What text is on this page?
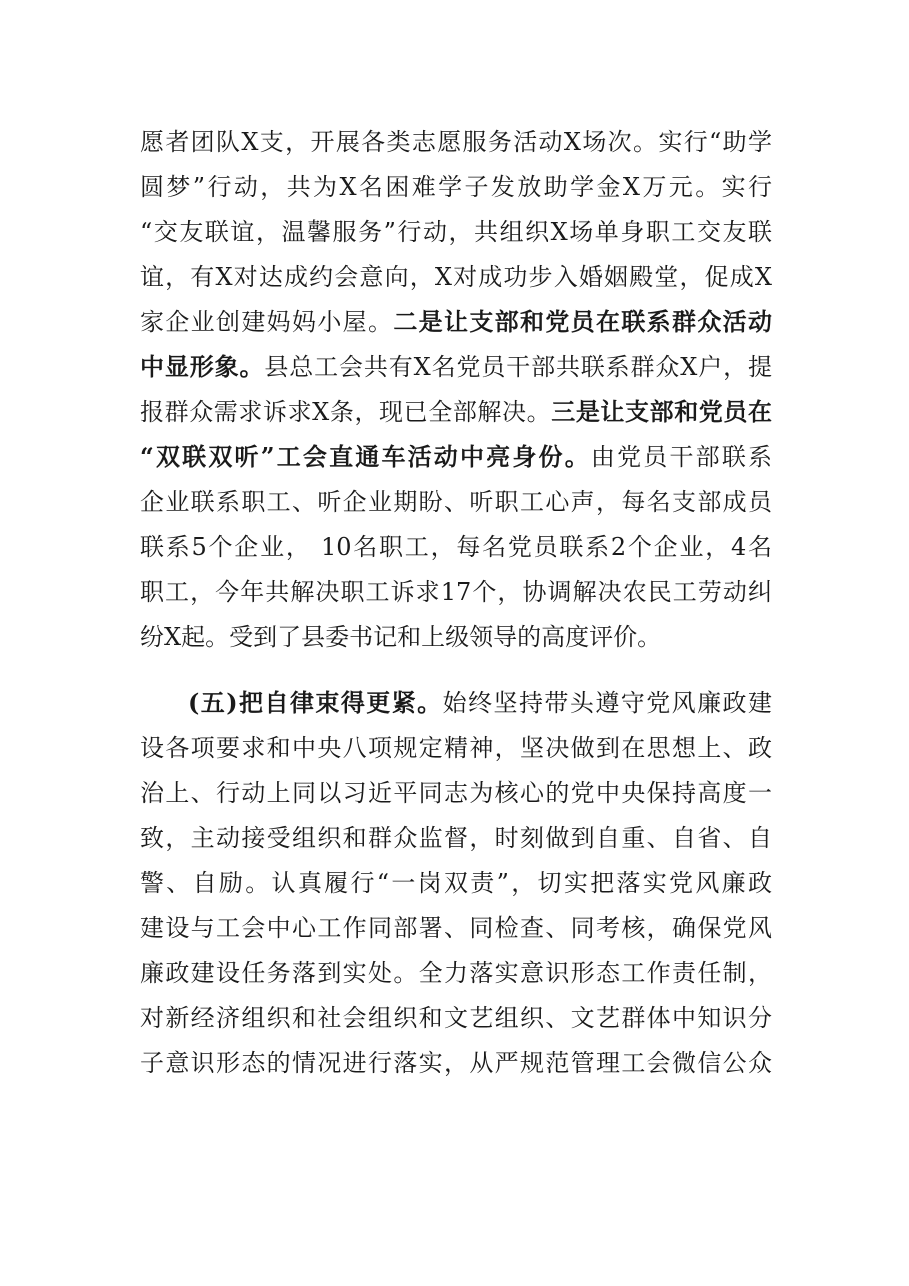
愿者团队X支，开展各类志愿服务活动X场次。实行“助学
圆梦”行动，共为X名困难学子发放助学金X万元。实行
“交友联谊，温馨服务”行动，共组织X场单身职工交友联
谊，有X对达成约会意向，X对成功步入婚姻殿堂，促成X
家企业创建妈妈小屋。二是让支部和党员在联系群众活动
中显形象。县总工会共有X名党员干部共联系群众X户，提
报群众需求诉求X条，现已全部解决。三是让支部和党员在
“双联双听”工会直通车活动中亮身份。由党员干部联系
企业联系职工、听企业期盼、听职工心声，每名支部成员
联系5个企业， 10名职工，每名党员联系2个企业，4名
职工，今年共解决职工诉求17个，协调解决农民工劳动纠
纷X起。受到了县委书记和上级领导的高度评价。
(五)把自律束得更紧。始终坚持带头遵守党风廉政建
设各项要求和中央八项规定精神，坚决做到在思想上、政
治上、行动上同以习近平同志为核心的党中央保持高度一
致，主动接受组织和群众监督，时刻做到自重、自省、自
警、自励。认真履行“一岗双责”，切实把落实党风廉政
建设与工会中心工作同部署、同检查、同考核，确保党风
廉政建设任务落到实处。全力落实意识形态工作责任制，
对新经济组织和社会组织和文艺组织、文艺群体中知识分
子意识形态的情况进行落实，从严规范管理工会微信公众
